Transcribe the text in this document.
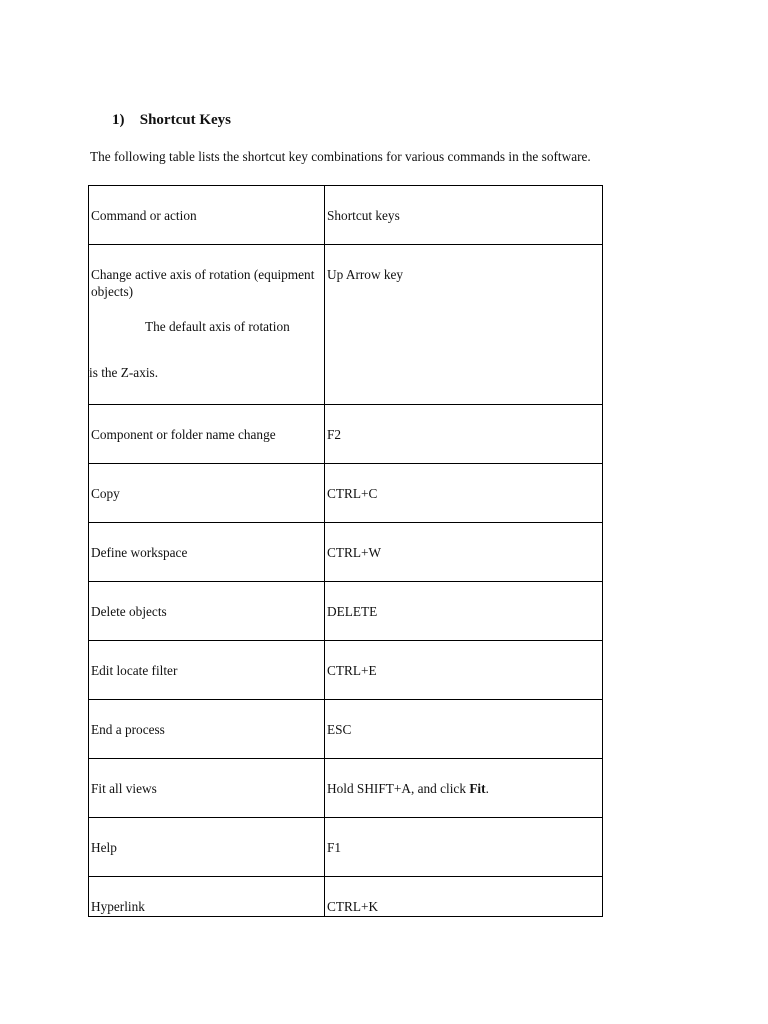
1) Shortcut Keys
The following table lists the shortcut key combinations for various commands in the software.
Command or action	Shortcut keys
Change active axis of rotation (equipment objects)
The default axis of rotation
is the Z-axis.	Up Arrow key
Component or folder name change	F2
Copy	CTRL+C
Define workspace	CTRL+W
Delete objects	DELETE
Edit locate filter	CTRL+E
End a process	ESC
Fit all views	Hold SHIFT+A, and click Fit.
Help	F1
Hyperlink	CTRL+K
